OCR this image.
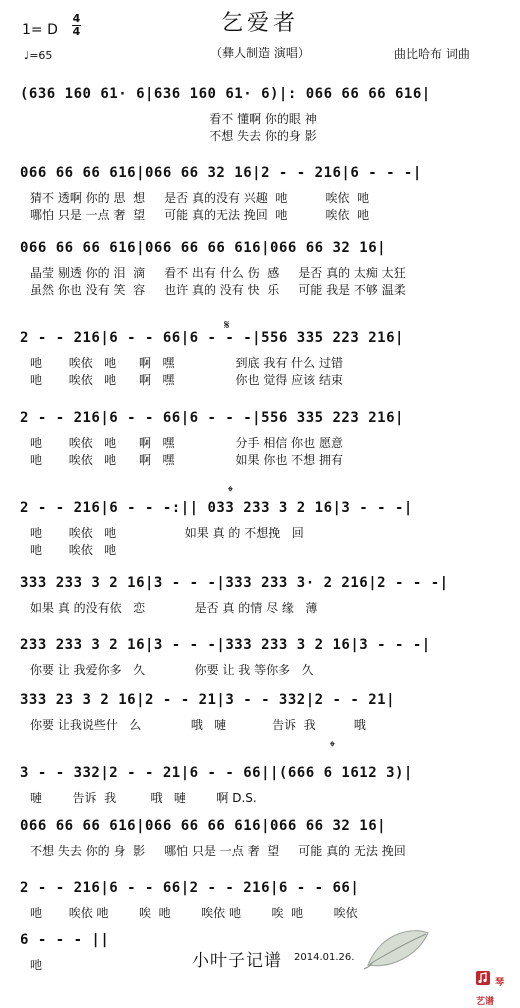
1= D
4
4
♩=65
乞爱者
（彝人制造 演唱）	曲比哈布 词曲
(636 160 61· 6|636 160 61· 6)|: 066 66 66 616|
看不 懂啊 你的眼 神
不想 失去 你的身 影
066 66 66 616|066 66 32 16|2 - - 216|6 - - -|
猜不 透啊 你的 思  想     是否 真的没有 兴趣  吔          唉依  吔
哪怕 只是 一点 奢  望     可能 真的无法 挽回  吔          唉依  吔
066 66 66 616|066 66 66 616|066 66 32 16|
晶莹 剔透 你的 泪  滴     看不 出有 什么 伤  感     是否 真的 太痴 太狂
虽然 你也 没有 笑  容     也许 真的 没有 快  乐     可能 我是 不够 温柔
2 - - 216|6 - - 66|6 - - -|556 335 223 216|
吔       唉依   吔      啊   嘿                到底 我有 什么 过错
吔       唉依   吔      啊   嘿                你也 觉得 应该 结束
2 - - 216|6 - - 66|6 - - -|556 335 223 216|
吔       唉依   吔      啊   嘿                分手 相信 你也 愿意
吔       唉依   吔      啊   嘿                如果 你也 不想 拥有
2 - - 216|6 - - -:|| 033 233 3 2 16|3 - - -|
吔       唉依   吔                  如果 真 的 不想挽   回
吔       唉依   吔
333 233 3 2 16|3 - - -|333 233 3· 2 216|2 - - -|
如果 真 的没有依   恋             是否 真 的情 尽 缘   薄
233 233 3 2 16|3 - - -|333 233 3 2 16|3 - - -|
你要 让 我爱你多   久             你要 让 我 等你多   久
333 23 3 2 16|2 - - 21|3 - - 332|2 - - 21|
你要 让我说些什   么             哦   嗹            告诉  我          哦
3 - - 332|2 - - 21|6 - - 66||(666 6 1612 3)|
嗹        告诉  我         哦   嗹        啊 D.S.
066 66 66 616|066 66 66 616|066 66 32 16|
不想 失去 你的 身  影     哪怕 只是 一点 奢  望     可能 真的 无法 挽回
2 - - 216|6 - - 66|2 - - 216|6 - - 66|
吔       唉依 吔        唉  吔        唉依 吔        唉  吔        唉依
6 - - - ||
吔
𝄋
𝄌
𝄌
小叶子记谱 2014.01.26.
琴艺谱
